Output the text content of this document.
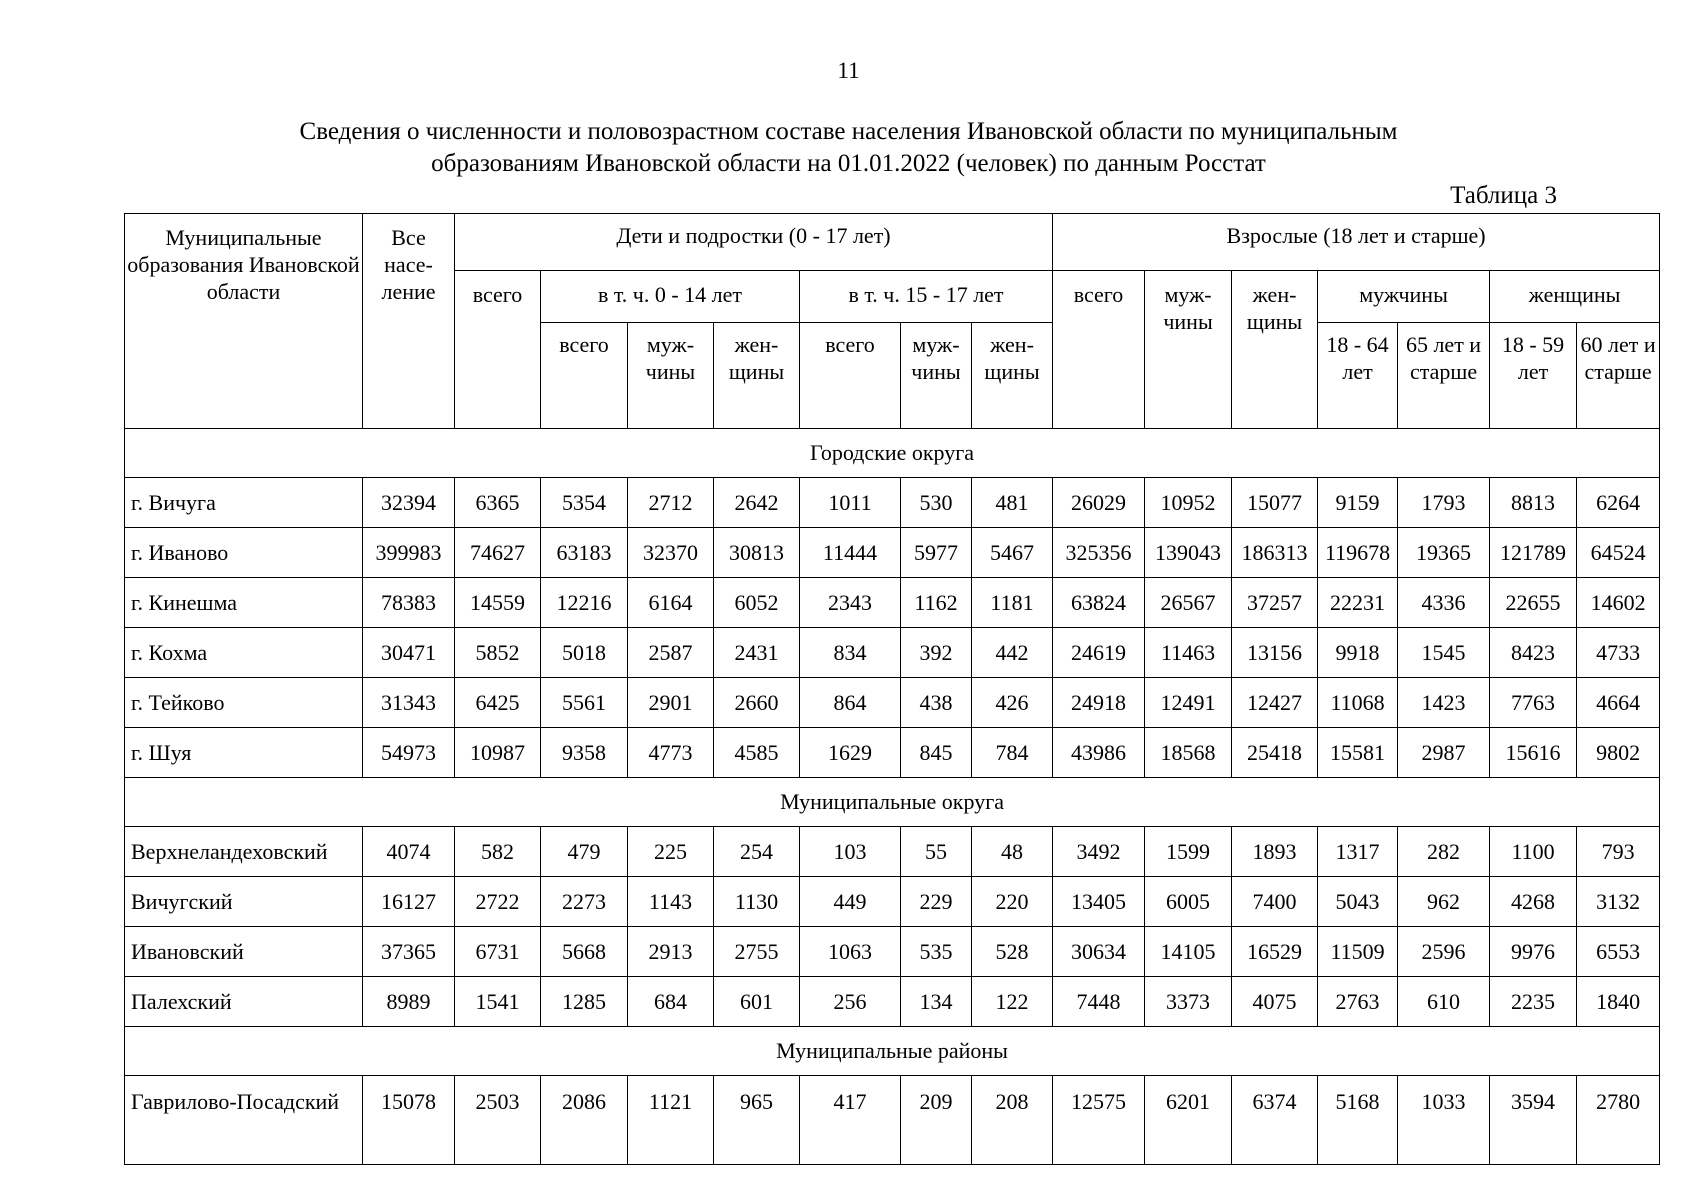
11
Сведения о численности и половозрастном составе населения Ивановской области по муниципальным
образованиям Ивановской области на 01.01.2022 (человек) по данным Росстат
Таблица 3
Муниципальные образования Ивановской области	Все насе-ление	Дети и подростки (0 - 17 лет)							Взрослые (18 лет и старше)						
		всего	в т. ч. 0 - 14 лет			в т. ч. 15 - 17 лет			всего	муж-чины	жен-щины	мужчины		женщины	
			всего	муж-чины	жен-щины	всего	муж-чины	жен-щины				18 - 64 лет	65 лет и старше	18 - 59 лет	60 лет и старше
Городские округа															
г. Вичуга	32394	6365	5354	2712	2642	1011	530	481	26029	10952	15077	9159	1793	8813	6264
г. Иваново	399983	74627	63183	32370	30813	11444	5977	5467	325356	139043	186313	119678	19365	121789	64524
г. Кинешма	78383	14559	12216	6164	6052	2343	1162	1181	63824	26567	37257	22231	4336	22655	14602
г. Кохма	30471	5852	5018	2587	2431	834	392	442	24619	11463	13156	9918	1545	8423	4733
г. Тейково	31343	6425	5561	2901	2660	864	438	426	24918	12491	12427	11068	1423	7763	4664
г. Шуя	54973	10987	9358	4773	4585	1629	845	784	43986	18568	25418	15581	2987	15616	9802
Муниципальные округа															
Верхнеландеховский	4074	582	479	225	254	103	55	48	3492	1599	1893	1317	282	1100	793
Вичугский	16127	2722	2273	1143	1130	449	229	220	13405	6005	7400	5043	962	4268	3132
Ивановский	37365	6731	5668	2913	2755	1063	535	528	30634	14105	16529	11509	2596	9976	6553
Палехский	8989	1541	1285	684	601	256	134	122	7448	3373	4075	2763	610	2235	1840
Муниципальные районы															
Гаврилово-Посадский	15078	2503	2086	1121	965	417	209	208	12575	6201	6374	5168	1033	3594	2780
